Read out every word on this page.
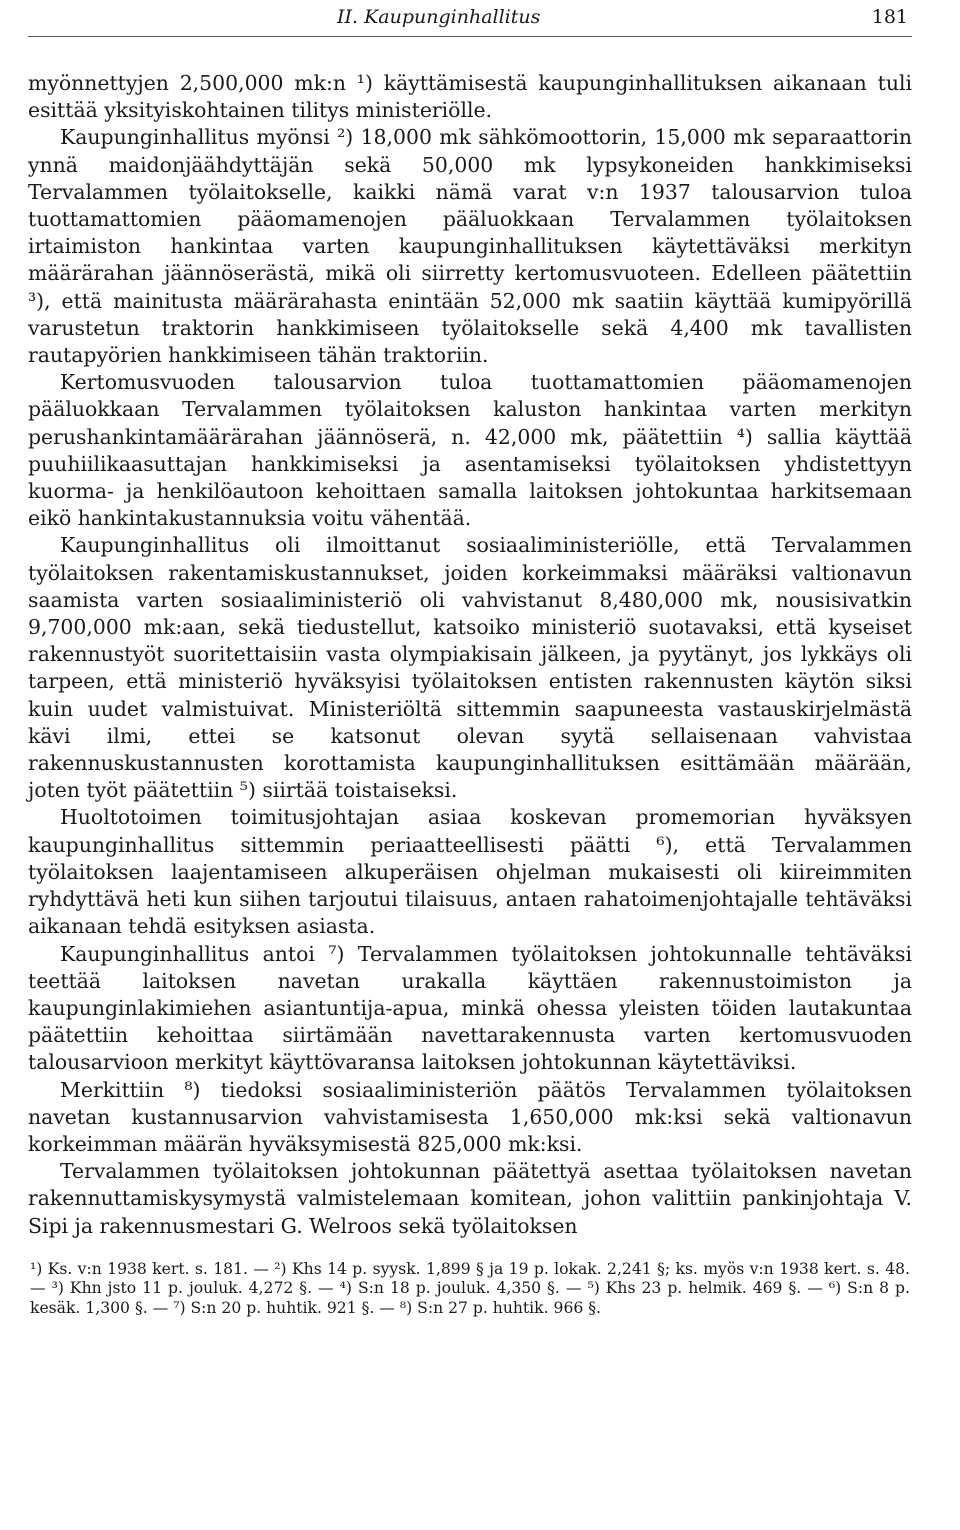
II. Kaupunginhallitus	181

myönnettyjen 2,500,000 mk:n ¹) käyttämisestä kaupunginhallituksen aikanaan tuli esittää yksityiskohtainen tilitys ministeriölle.

Kaupunginhallitus myönsi ²) 18,000 mk sähkömoottorin, 15,000 mk separaattorin ynnä maidonjäähdyttäjän sekä 50,000 mk lypsykoneiden hankkimiseksi Tervalammen työlaitokselle, kaikki nämä varat v:n 1937 talousarvion tuloa tuottamattomien pääomamenojen pääluokkaan Tervalammen työlaitoksen irtaimiston hankintaa varten kaupunginhallituksen käytettäväksi merkityn määrärahan jäännöserästä, mikä oli siirretty kertomusvuoteen. Edelleen päätettiin ³), että mainitusta määrärahasta enintään 52,000 mk saatiin käyttää kumipyörillä varustetun traktorin hankkimiseen työlaitokselle sekä 4,400 mk tavallisten rautapyörien hankkimiseen tähän traktoriin.

Kertomusvuoden talousarvion tuloa tuottamattomien pääomamenojen pääluokkaan Tervalammen työlaitoksen kaluston hankintaa varten merkityn perushankintamäärärahan jäännöserä, n. 42,000 mk, päätettiin ⁴) sallia käyttää puuhiilikaasuttajan hankkimiseksi ja asentamiseksi työlaitoksen yhdistettyyn kuorma- ja henkilöautoon kehoittaen samalla laitoksen johtokuntaa harkitsemaan eikö hankintakustannuksia voitu vähentää.

Kaupunginhallitus oli ilmoittanut sosiaaliministeriölle, että Tervalammen työlaitoksen rakentamiskustannukset, joiden korkeimmaksi määräksi valtionavun saamista varten sosiaaliministeriö oli vahvistanut 8,480,000 mk, nousisivatkin 9,700,000 mk:aan, sekä tiedustellut, katsoiko ministeriö suotavaksi, että kyseiset rakennustyöt suoritettaisiin vasta olympiakisain jälkeen, ja pyytänyt, jos lykkäys oli tarpeen, että ministeriö hyväksyisi työlaitoksen entisten rakennusten käytön siksi kuin uudet valmistuivat. Ministeriöltä sittemmin saapuneesta vastauskirjelmästä kävi ilmi, ettei se katsonut olevan syytä sellaisenaan vahvistaa rakennuskustannusten korottamista kaupunginhallituksen esittämään määrään, joten työt päätettiin ⁵) siirtää toistaiseksi.

Huoltotoimen toimitusjohtajan asiaa koskevan promemorian hyväksyen kaupunginhallitus sittemmin periaatteellisesti päätti ⁶), että Tervalammen työlaitoksen laajentamiseen alkuperäisen ohjelman mukaisesti oli kiireimmiten ryhdyttävä heti kun siihen tarjoutui tilaisuus, antaen rahatoimenjohtajalle tehtäväksi aikanaan tehdä esityksen asiasta.

Kaupunginhallitus antoi ⁷) Tervalammen työlaitoksen johtokunnalle tehtäväksi teettää laitoksen navetan urakalla käyttäen rakennustoimiston ja kaupunginlakimiehen asiantuntija-apua, minkä ohessa yleisten töiden lautakuntaa päätettiin kehoittaa siirtämään navettarakennusta varten kertomusvuoden talousarvioon merkityt käyttövaransa laitoksen johtokunnan käytettäviksi.

Merkittiin ⁸) tiedoksi sosiaaliministeriön päätös Tervalammen työlaitoksen navetan kustannusarvion vahvistamisesta 1,650,000 mk:ksi sekä valtionavun korkeimman määrän hyväksymisestä 825,000 mk:ksi.

Tervalammen työlaitoksen johtokunnan päätettyä asettaa työlaitoksen navetan rakennuttamiskysymystä valmistelemaan komitean, johon valittiin pankinjohtaja V. Sipi ja rakennusmestari G. Welroos sekä työlaitoksen

¹) Ks. v:n 1938 kert. s. 181. — ²) Khs 14 p. syysk. 1,899 § ja 19 p. lokak. 2,241 §; ks. myös v:n 1938 kert. s. 48. — ³) Khn jsto 11 p. jouluk. 4,272 §. — ⁴) S:n 18 p. jouluk. 4,350 §. — ⁵) Khs 23 p. helmik. 469 §. — ⁶) S:n 8 p. kesäk. 1,300 §. — ⁷) S:n 20 p. huhtik. 921 §. — ⁸) S:n 27 p. huhtik. 966 §.
